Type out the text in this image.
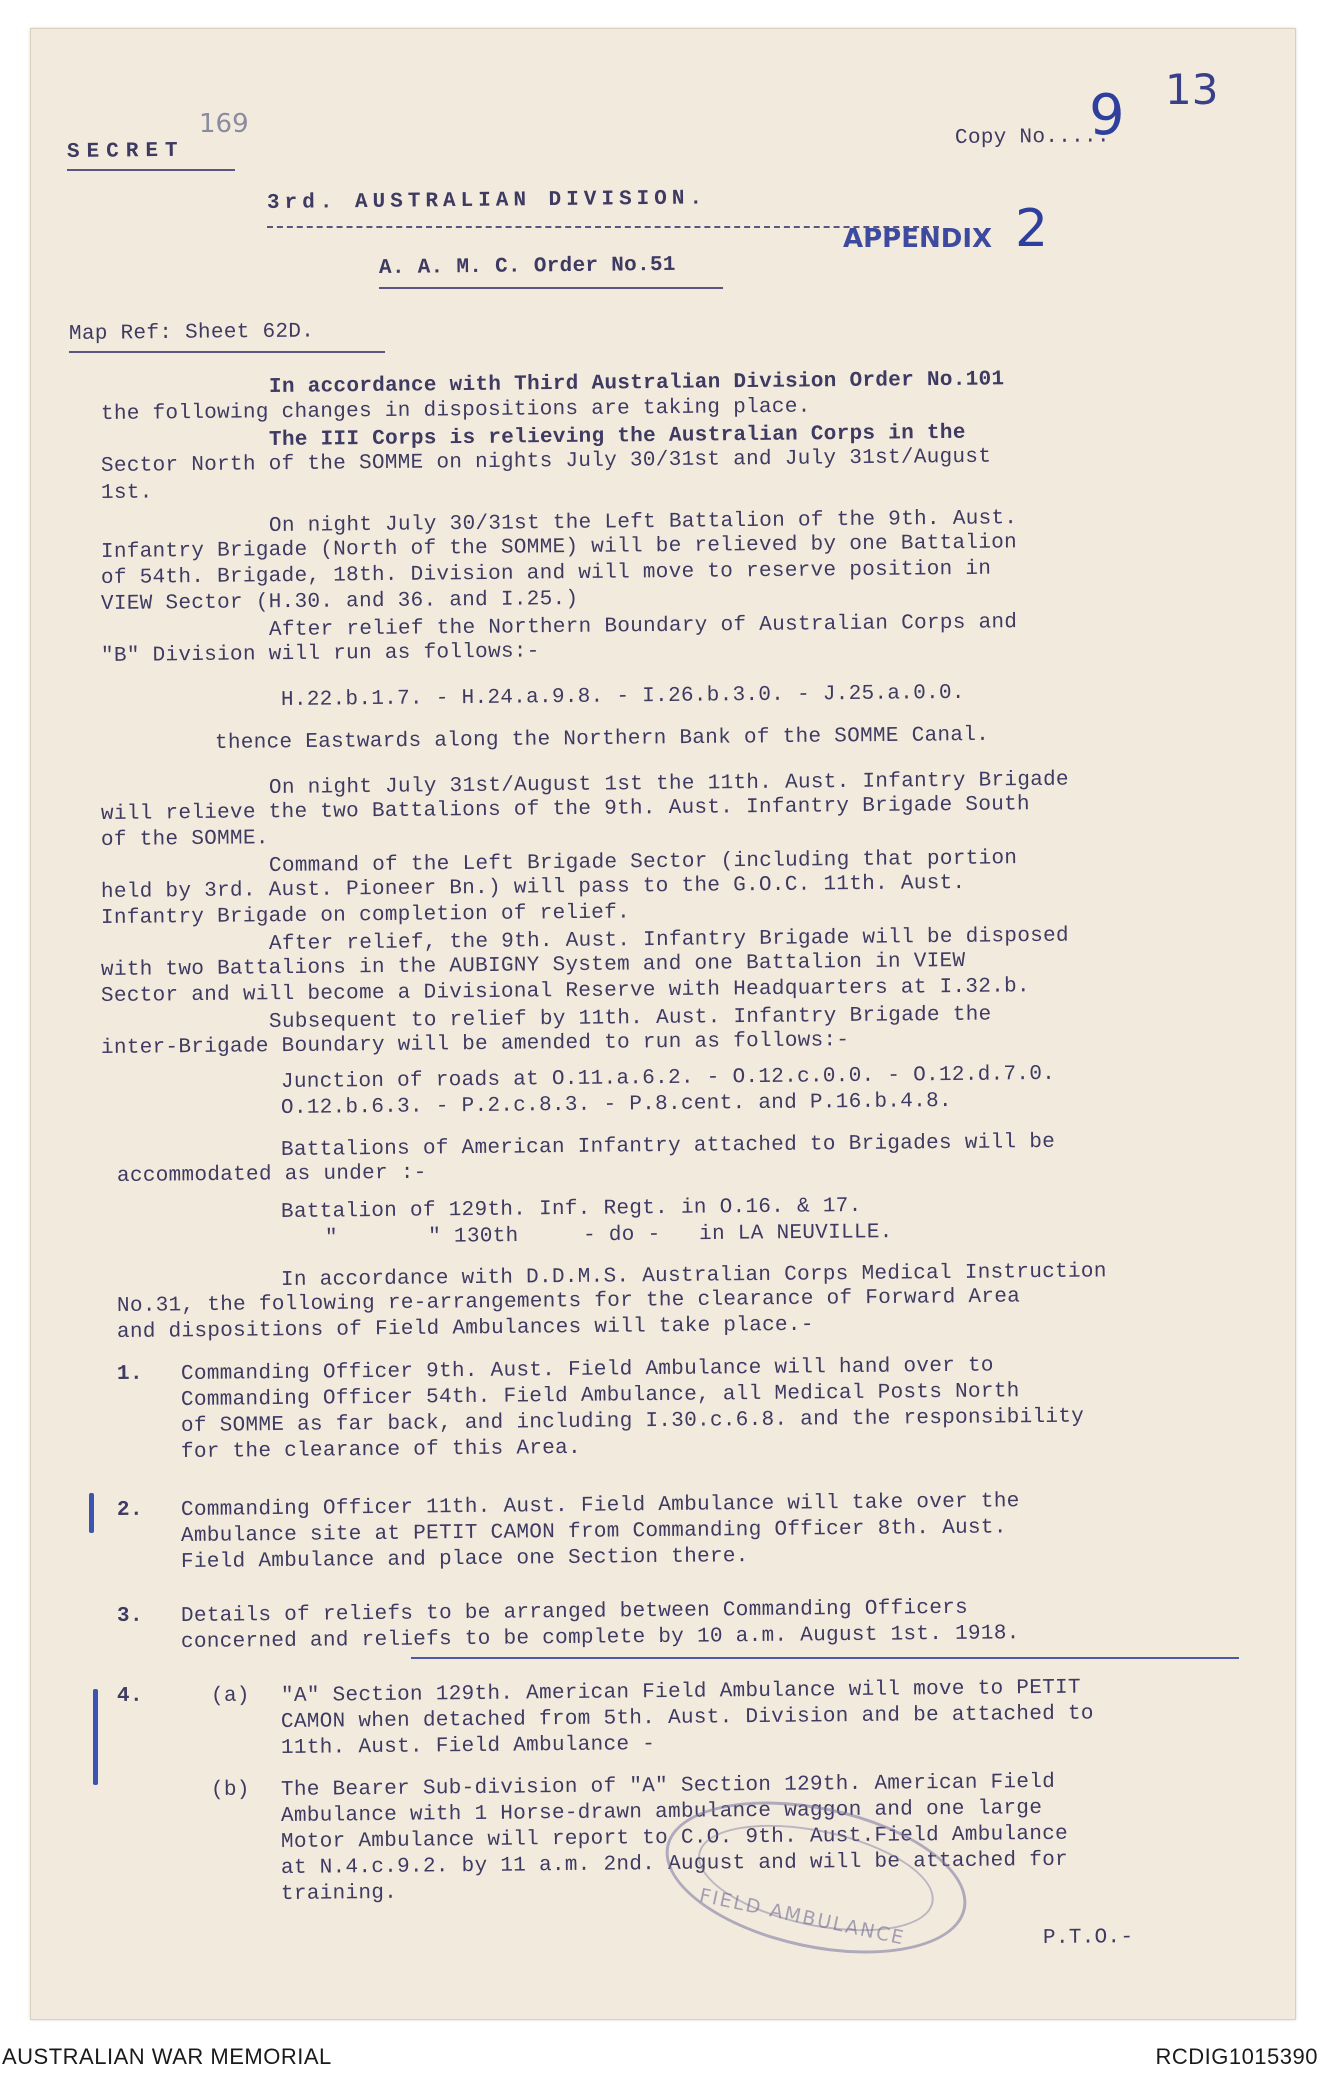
SECRET
169	Copy No.....
9 13
3rd. AUSTRALIAN DIVISION.
APPENDIX 2
A. A. M. C. Order No.51
Map Ref: Sheet 62D.
In accordance with Third Australian Division Order No.101
the following changes in dispositions are taking place.
The III Corps is relieving the Australian Corps in the
Sector North of the SOMME on nights July 30/31st and July 31st/August
1st.
On night July 30/31st the Left Battalion of the 9th. Aust.
Infantry Brigade (North of the SOMME) will be relieved by one Battalion
of 54th. Brigade, 18th. Division and will move to reserve position in
VIEW Sector (H.30. and 36. and I.25.)
After relief the Northern Boundary of Australian Corps and
"B" Division will run as follows:-
H.22.b.1.7. - H.24.a.9.8. - I.26.b.3.0. - J.25.a.0.0.
thence Eastwards along the Northern Bank of the SOMME Canal.
On night July 31st/August 1st the 11th. Aust. Infantry Brigade
will relieve the two Battalions of the 9th. Aust. Infantry Brigade South
of the SOMME.
Command of the Left Brigade Sector (including that portion
held by 3rd. Aust. Pioneer Bn.) will pass to the G.O.C. 11th. Aust.
Infantry Brigade on completion of relief.
After relief, the 9th. Aust. Infantry Brigade will be disposed
with two Battalions in the AUBIGNY System and one Battalion in VIEW
Sector and will become a Divisional Reserve with Headquarters at I.32.b.
Subsequent to relief by 11th. Aust. Infantry Brigade the
inter-Brigade Boundary will be amended to run as follows:-
Junction of roads at O.11.a.6.2. - O.12.c.0.0. - O.12.d.7.0.
O.12.b.6.3. - P.2.c.8.3. - P.8.cent. and P.16.b.4.8.
Battalions of American Infantry attached to Brigades will be
accommodated as under :-
Battalion of 129th. Inf. Regt. in O.16. & 17.
"       " 130th     - do -   in LA NEUVILLE.
In accordance with D.D.M.S. Australian Corps Medical Instruction
No.31, the following re-arrangements for the clearance of Forward Area
and dispositions of Field Ambulances will take place.-
1. Commanding Officer 9th. Aust. Field Ambulance will hand over to
Commanding Officer 54th. Field Ambulance, all Medical Posts North
of SOMME as far back, and including I.30.c.6.8. and the responsibility
for the clearance of this Area.
2. Commanding Officer 11th. Aust. Field Ambulance will take over the
Ambulance site at PETIT CAMON from Commanding Officer 8th. Aust.
Field Ambulance and place one Section there.
3. Details of reliefs to be arranged between Commanding Officers
concerned and reliefs to be complete by 10 a.m. August 1st. 1918.
4.	(a) "A" Section 129th. American Field Ambulance will move to PETIT
CAMON when detached from 5th. Aust. Division and be attached to
11th. Aust. Field Ambulance -
(b) The Bearer Sub-division of "A" Section 129th. American Field
Ambulance with 1 Horse-drawn ambulance waggon and one large
Motor Ambulance will report to C.O. 9th. Aust.Field Ambulance
at N.4.c.9.2. by 11 a.m. 2nd. August and will be attached for
training.	FIELD AMBULANCE	P.T.O.-
AUSTRALIAN WAR MEMORIAL	RCDIG1015390
